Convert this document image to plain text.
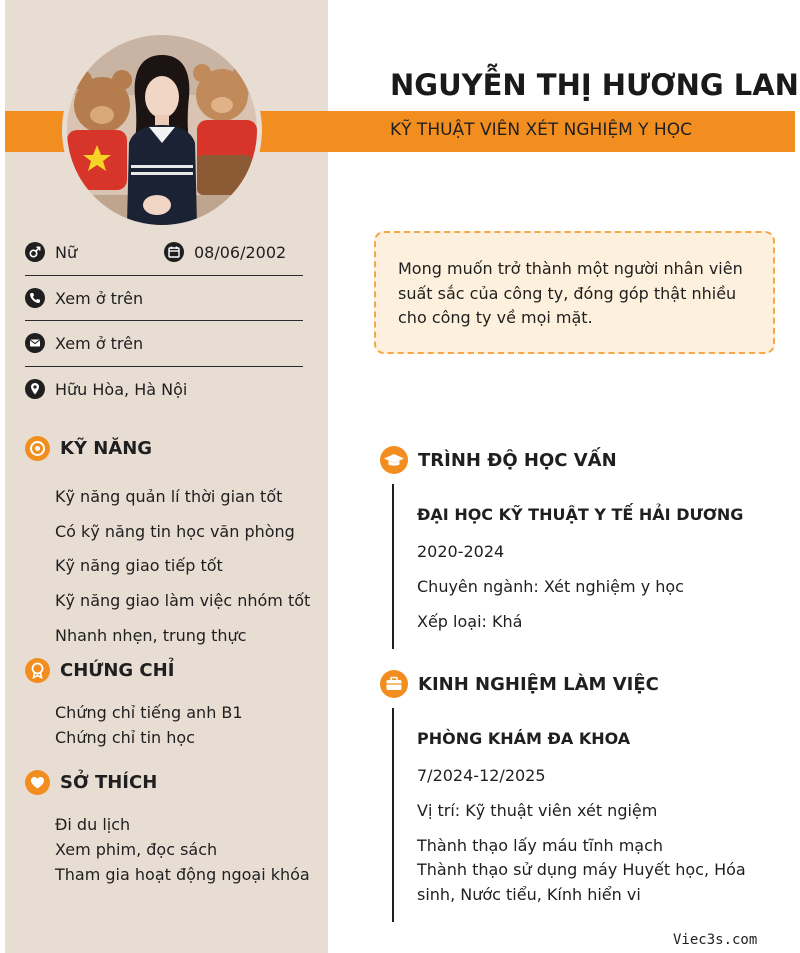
NGUYỄN THỊ HƯƠNG LAN
KỸ THUẬT VIÊN XÉT NGHIỆM Y HỌC
Nữ	08/06/2002
Xem ở trên
Xem ở trên
Hữu Hòa, Hà Nội
KỸ NĂNG
Kỹ năng quản lí thời gian tốt
Có kỹ năng tin học văn phòng
Kỹ năng giao tiếp tốt
Kỹ năng giao làm việc nhóm tốt
Nhanh nhẹn, trung thực
CHỨNG CHỈ
Chứng chỉ tiếng anh B1
Chứng chỉ tin học
SỞ THÍCH
Đi du lịch
Xem phim, đọc sách
Tham gia hoạt động ngoại khóa
Mong muốn trở thành một người nhân viên suất sắc của công ty, đóng góp thật nhiều cho công ty về mọi mặt.
TRÌNH ĐỘ HỌC VẤN
ĐẠI HỌC KỸ THUẬT Y TẾ HẢI DƯƠNG
2020-2024
Chuyên ngành: Xét nghiệm y học
Xếp loại: Khá
KINH NGHIỆM LÀM VIỆC
PHÒNG KHÁM ĐA KHOA
7/2024-12/2025
Vị trí: Kỹ thuật viên xét ngiệm
Thành thạo lấy máu tĩnh mạch
Thành thạo sử dụng máy Huyết học, Hóa
sinh, Nước tiểu, Kính hiển vi
Viec3s.com
